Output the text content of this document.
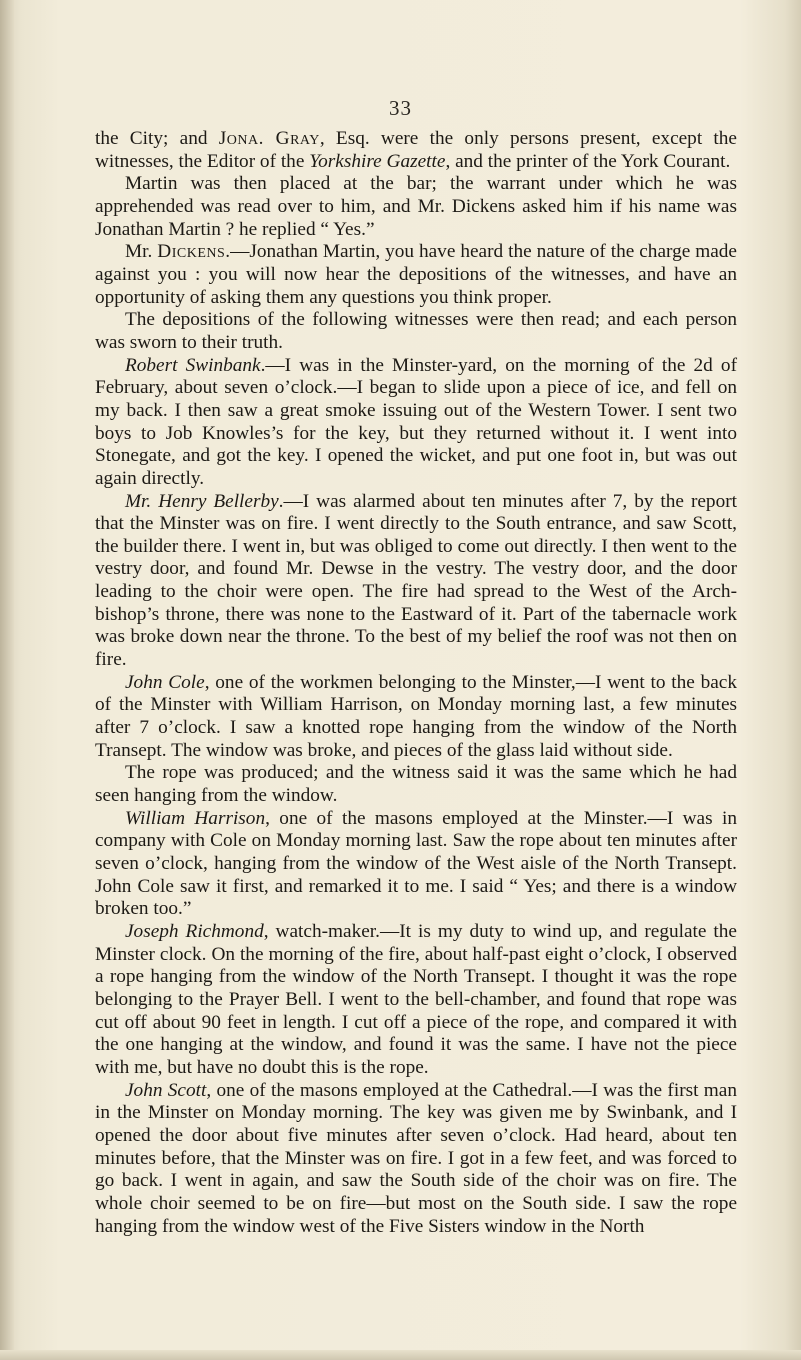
33

the City; and Jona. Gray, Esq. were the only persons present, except the witnesses, the Editor of the Yorkshire Gazette, and the printer of the York Courant.

Martin was then placed at the bar; the warrant under which he was apprehended was read over to him, and Mr. Dickens asked him if his name was Jonathan Martin ? he replied “ Yes.”

Mr. Dickens.—Jonathan Martin, you have heard the nature of the charge made against you : you will now hear the depositions of the witnesses, and have an opportunity of asking them any questions you think proper.

The depositions of the following witnesses were then read; and each person was sworn to their truth.

Robert Swinbank.—I was in the Minster-yard, on the morning of the 2d of February, about seven o’clock.—I began to slide upon a piece of ice, and fell on my back. I then saw a great smoke issuing out of the Western Tower. I sent two boys to Job Knowles’s for the key, but they returned without it. I went into Stonegate, and got the key. I opened the wicket, and put one foot in, but was out again directly.

Mr. Henry Bellerby.—I was alarmed about ten minutes after 7, by the report that the Minster was on fire. I went directly to the South entrance, and saw Scott, the builder there. I went in, but was obliged to come out directly. I then went to the vestry door, and found Mr. Dewse in the vestry. The vestry door, and the door leading to the choir were open. The fire had spread to the West of the Arch-bishop’s throne, there was none to the Eastward of it. Part of the tabernacle work was broke down near the throne. To the best of my belief the roof was not then on fire.

John Cole, one of the workmen belonging to the Minster,—I went to the back of the Minster with William Harrison, on Monday morning last, a few minutes after 7 o’clock. I saw a knotted rope hanging from the window of the North Transept. The window was broke, and pieces of the glass laid without side.

The rope was produced; and the witness said it was the same which he had seen hanging from the window.

William Harrison, one of the masons employed at the Minster.—I was in company with Cole on Monday morning last. Saw the rope about ten minutes after seven o’clock, hanging from the window of the West aisle of the North Transept. John Cole saw it first, and remarked it to me. I said “ Yes; and there is a window broken too.”

Joseph Richmond, watch-maker.—It is my duty to wind up, and regulate the Minster clock. On the morning of the fire, about half-past eight o’clock, I observed a rope hanging from the window of the North Transept. I thought it was the rope belonging to the Prayer Bell. I went to the bell-chamber, and found that rope was cut off about 90 feet in length. I cut off a piece of the rope, and compared it with the one hanging at the window, and found it was the same. I have not the piece with me, but have no doubt this is the rope.

John Scott, one of the masons employed at the Cathedral.—I was the first man in the Minster on Monday morning. The key was given me by Swinbank, and I opened the door about five minutes after seven o’clock. Had heard, about ten minutes before, that the Minster was on fire. I got in a few feet, and was forced to go back. I went in again, and saw the South side of the choir was on fire. The whole choir seemed to be on fire—but most on the South side. I saw the rope hanging from the window west of the Five Sisters window in the North
